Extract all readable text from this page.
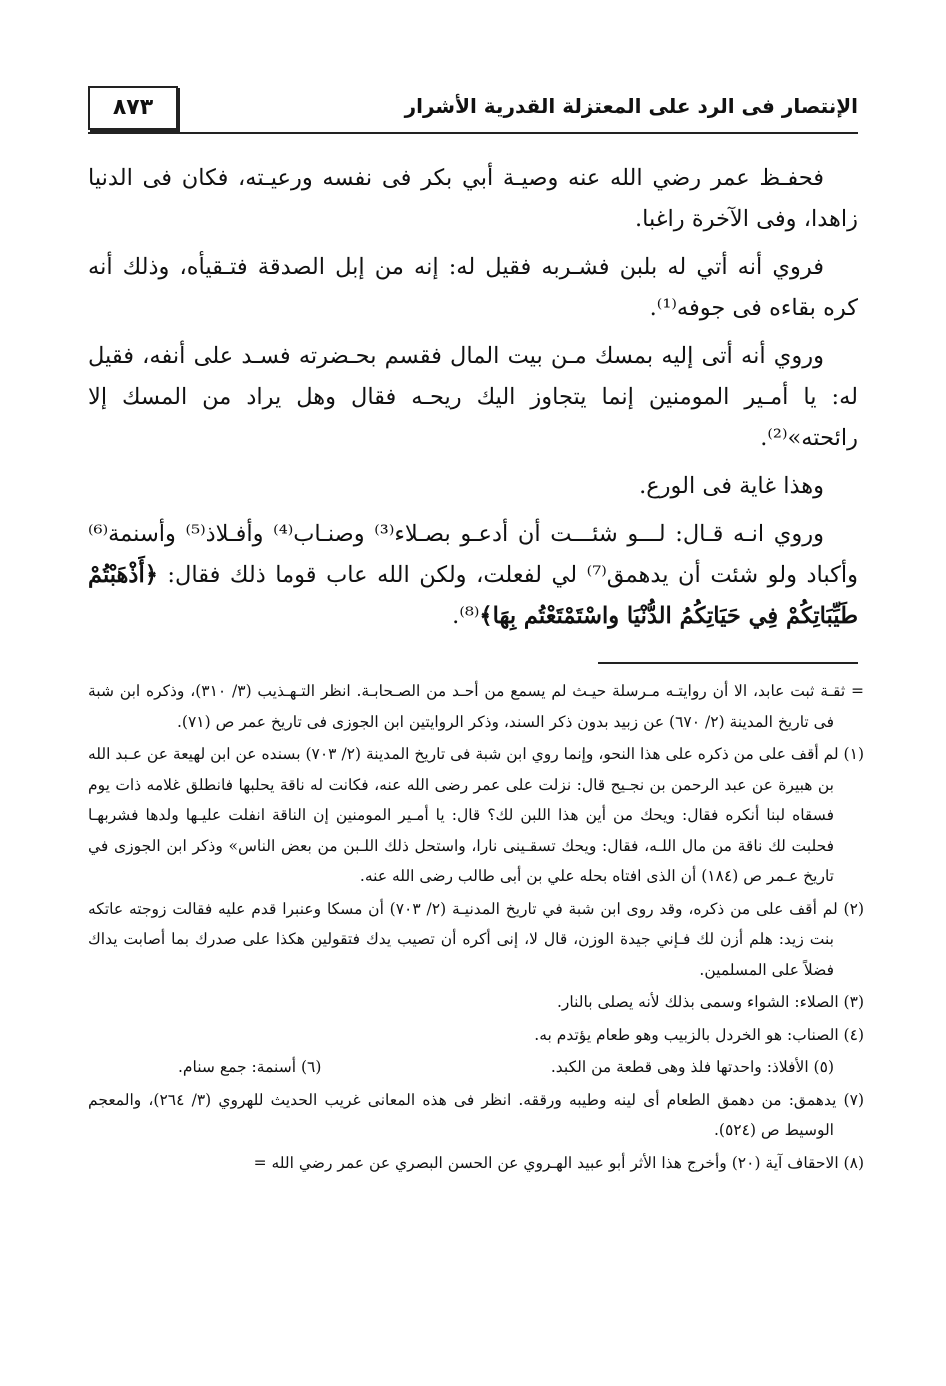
٨٧٣	الإنتصار فى الرد على المعتزلة القدرية الأشرار

فحفـظ عمر رضي الله عنه وصيـة أبي بكر فى نفسه ورعيـته، فكان فى الدنيا زاهدا، وفى الآخرة راغبا.

فروي أنه أتي له بلبن فشـربه فقيل له: إنه من إبل الصدقة فتـقيأه، وذلك أنه كره بقاءه فى جوفه⁽¹⁾.

وروي أنه أتى إليه بمسك مـن بيت المال فقسم بحـضرته فسـد على أنفه، فقيل له: يا أمـير المومنين إنما يتجاوز اليك ريحـه فقال وهل يراد من المسك إلا رائحته»⁽²⁾.

وهذا غاية فى الورع.

وروي انـه قـال: لـــو شئـــت أن أدعـو بصـلاء⁽³⁾ وصنـاب⁽⁴⁾ وأفـلاذ⁽⁵⁾ وأسنمة⁽⁶⁾ وأكباد ولو شئت أن يدهمق⁽⁷⁾ لي لفعلت، ولكن الله عاب قوما ذلك فقال: ﴿أَذْهَبْتُمْ طَيِّبَاتِكُمْ فِي حَيَاتِكُمُ الدُّنْيَا واسْتَمْتَعْتُم بِهَا﴾⁽⁸⁾.

= ثقـة ثبت عابد، الا أن روايتـه مـرسلة حيـث لم يسمع من أحـد من الصـحابـة. انظر التـهـذيب (٣/ ٣١٠)، وذكره ابن شبة فى تاريخ المدينة (٢/ ٦٧٠) عن زبيد بدون ذكر السند، وذكر الروايتين ابن الجوزى فى تاريخ عمر ص (٧١).
(١) لم أقف على من ذكره على هذا النحو، وإنما روي ابن شبة فى تاريخ المدينة (٢/ ٧٠٣) بسنده عن ابن لهيعة عن عـبد الله بن هبيرة عن عبد الرحمن بن نجـيح قال: نزلت على عمر رضى الله عنه، فكانت له ناقة يحلبها فانطلق غلامه ذات يوم فسقاه لبنا أنكره فقال: ويحك من أين هذا اللبن لك؟ قال: يا أمـير المومنين إن الناقة انفلت عليـها ولدها فشربهـا فحلبت لك ناقة من مال اللـه، فقال: ويحك تسقـينى نارا، واستحل ذلك اللـبن من بعض الناس» وذكر ابن الجوزى في تاريخ عـمر ص (١٨٤) أن الذى افتاه بحله علي بن أبى طالب رضى الله عنه.
(٢) لم أقف على من ذكره، وقد روى ابن شبة في تاريخ المدنيـة (٢/ ٧٠٣) أن مسكا وعنبرا قدم عليه فقالت زوجته عاتكه بنت زيد: هلم أزن لك فـإني جيدة الوزن، قال لا، إنى أكره أن تصيب يدك فتقولين هكذا على صدرك بما أصابت يداك فضلاً على المسلمين.
(٣) الصلاء: الشواء وسمى بذلك لأنه يصلى بالنار.
(٤) الصناب: هو الخردل بالزبيب وهو طعام يؤتدم به.
(٥) الأفلاذ: واحدتها فلذ وهى قطعة من الكبد.
(٦) أسنمة: جمع سنام.
(٧) يدهمق: من دهمق الطعام أى لينه وطيبه ورققه. انظر فى هذه المعانى غريب الحديث للهروي (٣/ ٢٦٤)، والمعجم الوسيط ص (٥٢٤).
(٨) الاحقاف آية (٢٠) وأخرج هذا الأثر أبو عبيد الهـروي عن الحسن البصري عن عمر رضي الله =
